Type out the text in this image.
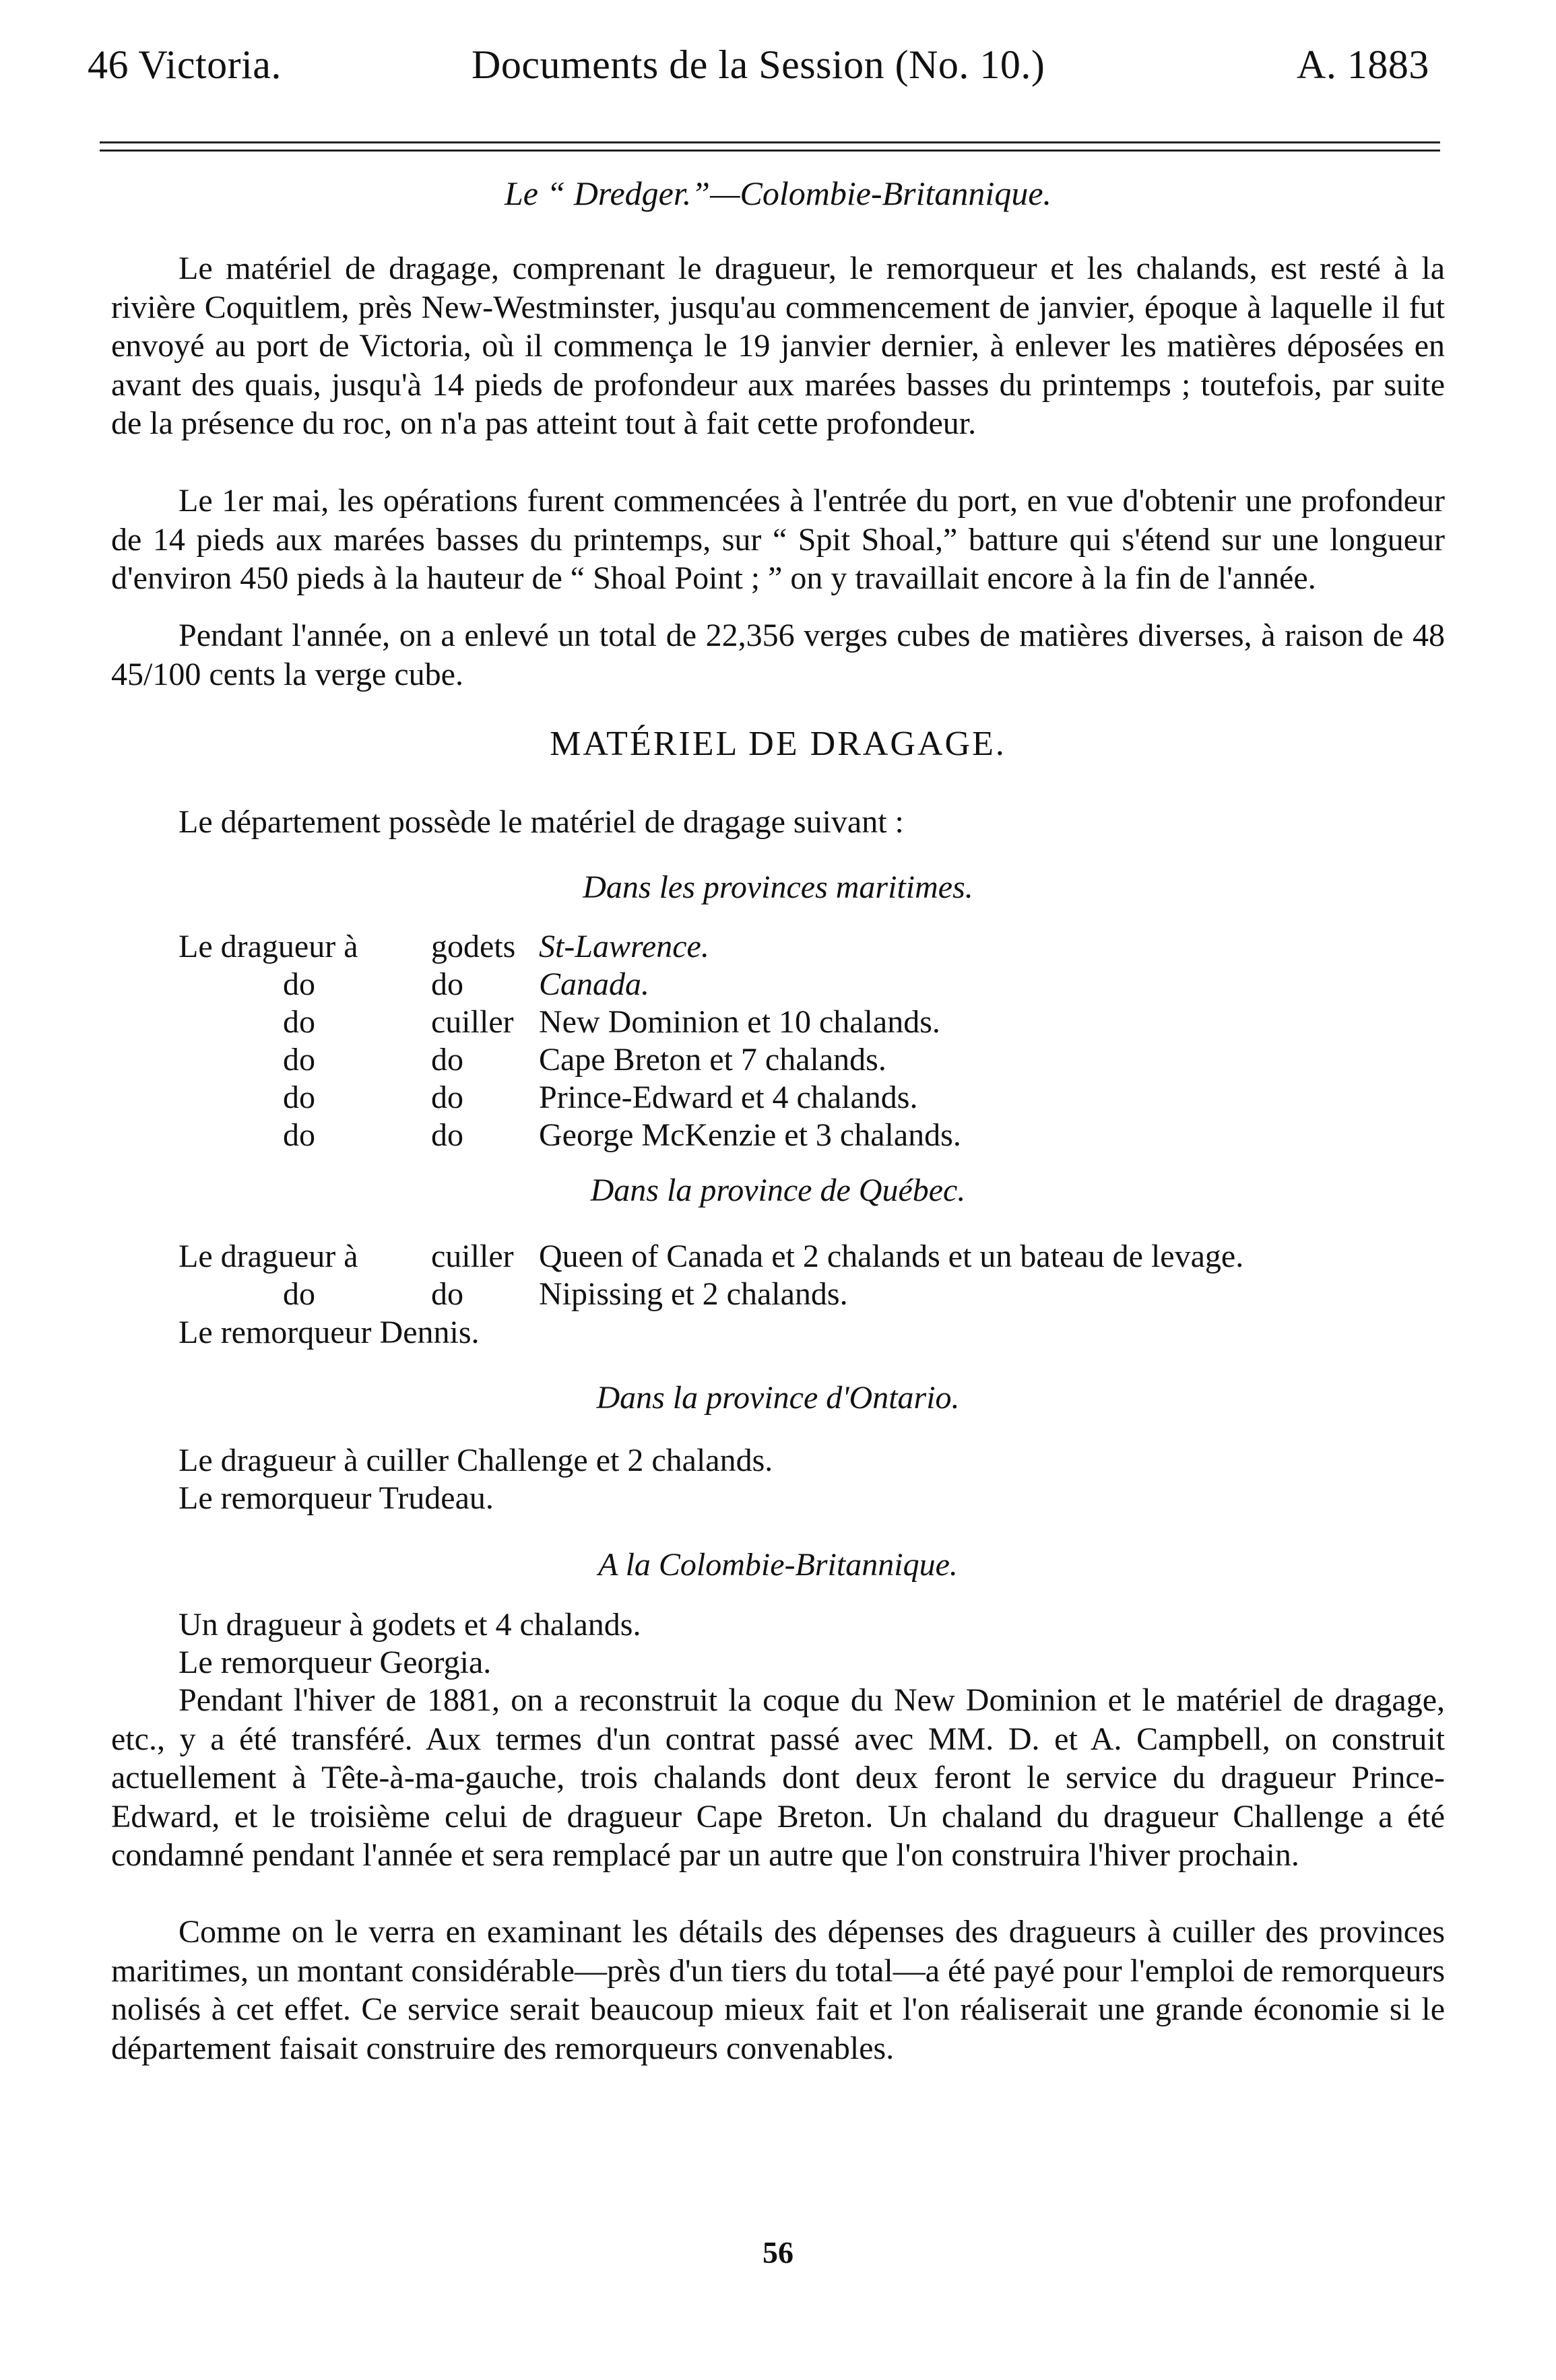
46 Victoria.	Documents de la Session (No. 10.)	A. 1883
Le “ Dredger.”—Colombie-Britannique.
Le matériel de dragage, comprenant le dragueur, le remorqueur et les chalands, est resté à la rivière Coquitlem, près New-Westminster, jusqu'au commencement de janvier, époque à laquelle il fut envoyé au port de Victoria, où il commença le 19 janvier dernier, à enlever les matières déposées en avant des quais, jusqu'à 14 pieds de profondeur aux marées basses du printemps ; toutefois, par suite de la présence du roc, on n'a pas atteint tout à fait cette profondeur.
Le 1er mai, les opérations furent commencées à l'entrée du port, en vue d'obtenir une profondeur de 14 pieds aux marées basses du printemps, sur “ Spit Shoal,” batture qui s'étend sur une longueur d'environ 450 pieds à la hauteur de “ Shoal Point ; ” on y travaillait encore à la fin de l'année.
Pendant l'année, on a enlevé un total de 22,356 verges cubes de matières diverses, à raison de 48 45/100 cents la verge cube.
MATÉRIEL DE DRAGAGE.
Le département possède le matériel de dragage suivant :
Dans les provinces maritimes.
Le dragueur à godets St-Lawrence.
do	do Canada.
do	cuiller New Dominion et 10 chalands.
do	do Cape Breton et 7 chalands.
do	do Prince-Edward et 4 chalands.
do	do George McKenzie et 3 chalands.
Dans la province de Québec.
Le dragueur à cuiller Queen of Canada et 2 chalands et un bateau de levage.
do	do Nipissing et 2 chalands.
Le remorqueur Dennis.
Dans la province d'Ontario.
Le dragueur à cuiller Challenge et 2 chalands.
Le remorqueur Trudeau.
A la Colombie-Britannique.
Un dragueur à godets et 4 chalands.
Le remorqueur Georgia.
Pendant l'hiver de 1881, on a reconstruit la coque du New Dominion et le matériel de dragage, etc., y a été transféré. Aux termes d'un contrat passé avec MM. D. et A. Campbell, on construit actuellement à Tête-à-ma-gauche, trois chalands dont deux feront le service du dragueur Prince-Edward, et le troisième celui de dragueur Cape Breton. Un chaland du dragueur Challenge a été condamné pendant l'année et sera remplacé par un autre que l'on construira l'hiver prochain.
Comme on le verra en examinant les détails des dépenses des dragueurs à cuiller des provinces maritimes, un montant considérable—près d'un tiers du total—a été payé pour l'emploi de remorqueurs nolisés à cet effet. Ce service serait beaucoup mieux fait et l'on réaliserait une grande économie si le département faisait construire des remorqueurs convenables.
56
